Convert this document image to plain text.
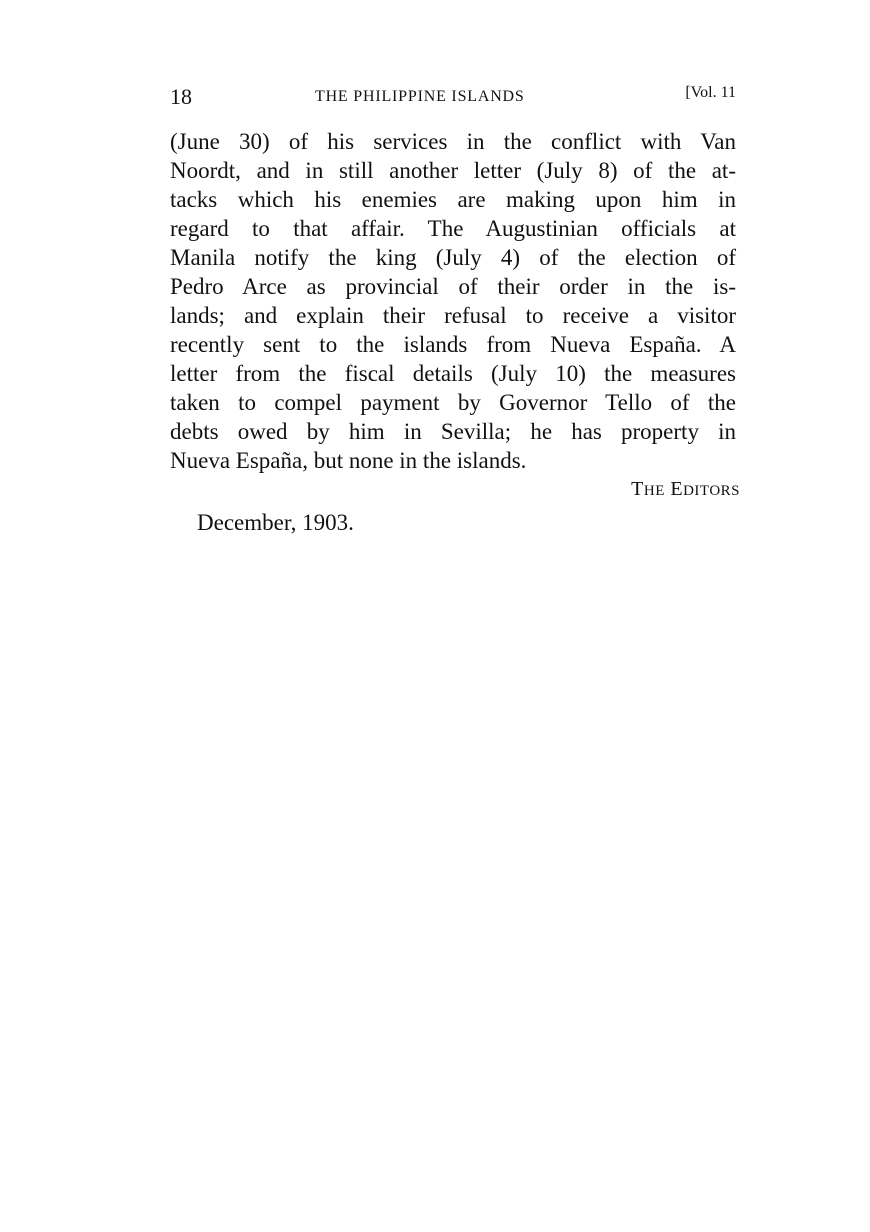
18	THE PHILIPPINE ISLANDS	[Vol. 11
(June 30) of his services in the conflict with Van
Noordt, and in still another letter (July 8) of the at-
tacks which his enemies are making upon him in
regard to that affair. The Augustinian officials at
Manila notify the king (July 4) of the election of
Pedro Arce as provincial of their order in the is-
lands; and explain their refusal to receive a visitor
recently sent to the islands from Nueva España. A
letter from the fiscal details (July 10) the measures
taken to compel payment by Governor Tello of the
debts owed by him in Sevilla; he has property in
Nueva España, but none in the islands.
THE EDITORS
December, 1903.
